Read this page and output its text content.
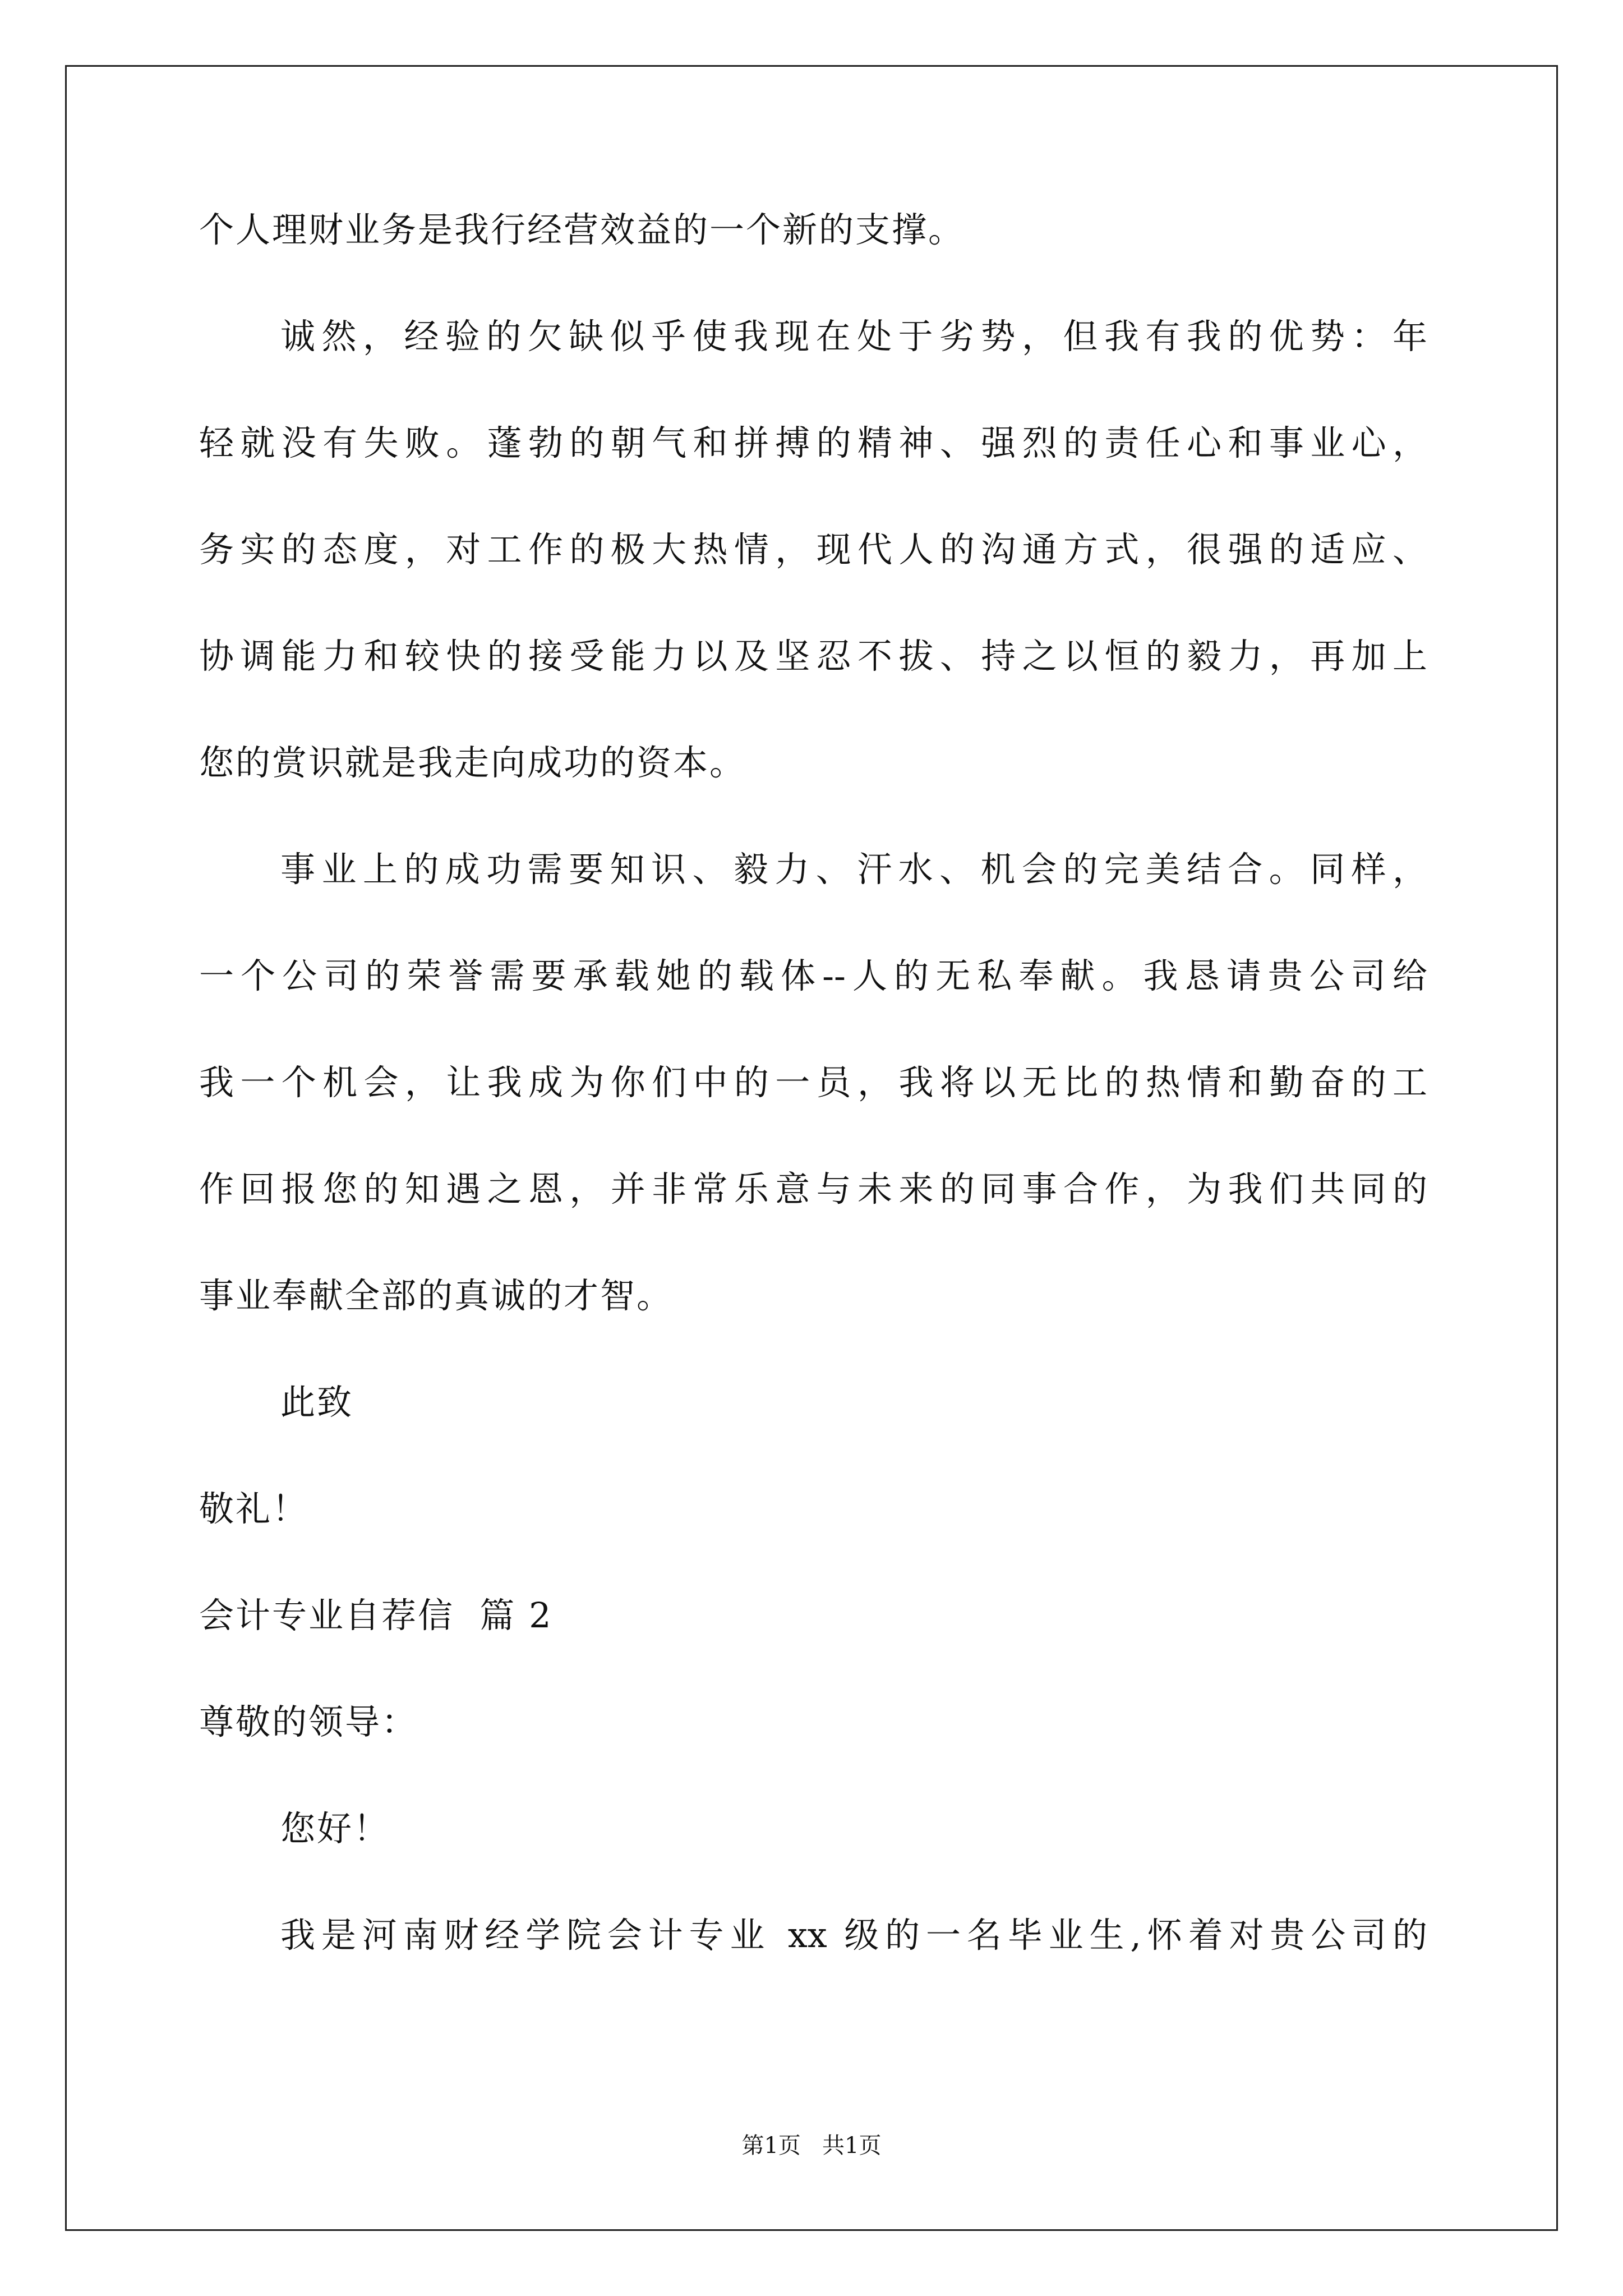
个人理财业务是我行经营效益的一个新的支撑。
诚然，经验的欠缺似乎使我现在处于劣势，但我有我的优势：年
轻就没有失败。蓬勃的朝气和拼搏的精神、强烈的责任心和事业心，
务实的态度，对工作的极大热情，现代人的沟通方式，很强的适应、
协调能力和较快的接受能力以及坚忍不拔、持之以恒的毅力，再加上
您的赏识就是我走向成功的资本。
事业上的成功需要知识、毅力、汗水、机会的完美结合。同样，
一个公司的荣誉需要承载她的载体--人的无私奉献。我恳请贵公司给
我一个机会，让我成为你们中的一员，我将以无比的热情和勤奋的工
作回报您的知遇之恩，并非常乐意与未来的同事合作，为我们共同的
事业奉献全部的真诚的才智。
此致
敬礼！
会计专业自荐信  篇 2
尊敬的领导：
您好！
我是河南财经学院会计专业 xx 级的一名毕业生,怀着对贵公司的
第1页   共1页
